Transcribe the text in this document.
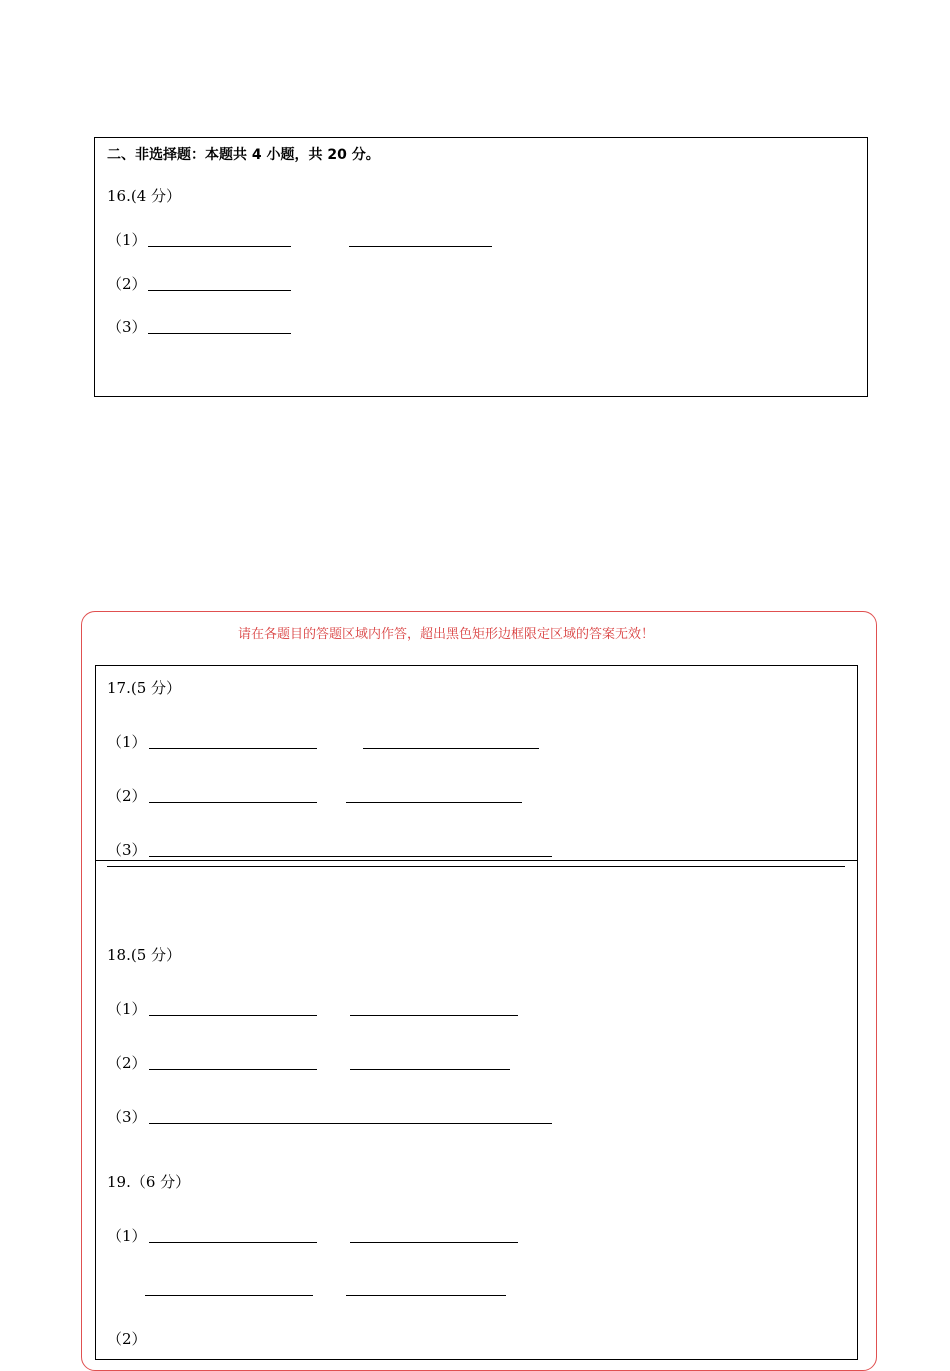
二、非选择题：本题共 4 小题，共 20 分。
16.(4 分）
（1）
（2）
（3）
请在各题目的答题区域内作答，超出黑色矩形边框限定区域的答案无效！
17.(5 分）
（1）
（2）
（3）
18.(5 分）
（1）
（2）
（3）
19.（6 分）
（1）
（2）
